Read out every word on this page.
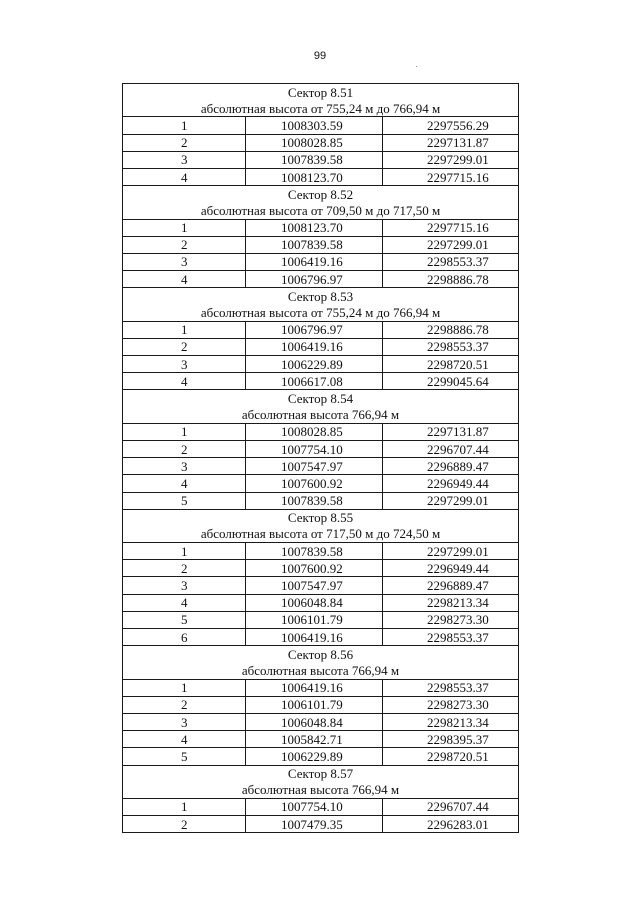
99
Сектор 8.51		
абсолютная высота от 755,24 м до 766,94 м		
1	1008303.59	2297556.29
2	1008028.85	2297131.87
3	1007839.58	2297299.01
4	1008123.70	2297715.16
Сектор 8.52		
абсолютная высота от 709,50 м до 717,50 м		
1	1008123.70	2297715.16
2	1007839.58	2297299.01
3	1006419.16	2298553.37
4	1006796.97	2298886.78
Сектор 8.53		
абсолютная высота от 755,24 м до 766,94 м		
1	1006796.97	2298886.78
2	1006419.16	2298553.37
3	1006229.89	2298720.51
4	1006617.08	2299045.64
Сектор 8.54		
абсолютная высота 766,94 м		
1	1008028.85	2297131.87
2	1007754.10	2296707.44
3	1007547.97	2296889.47
4	1007600.92	2296949.44
5	1007839.58	2297299.01
Сектор 8.55		
абсолютная высота от 717,50 м до 724,50 м		
1	1007839.58	2297299.01
2	1007600.92	2296949.44
3	1007547.97	2296889.47
4	1006048.84	2298213.34
5	1006101.79	2298273.30
6	1006419.16	2298553.37
Сектор 8.56		
абсолютная высота 766,94 м		
1	1006419.16	2298553.37
2	1006101.79	2298273.30
3	1006048.84	2298213.34
4	1005842.71	2298395.37
5	1006229.89	2298720.51
Сектор 8.57		
абсолютная высота 766,94 м		
1	1007754.10	2296707.44
2	1007479.35	2296283.01
